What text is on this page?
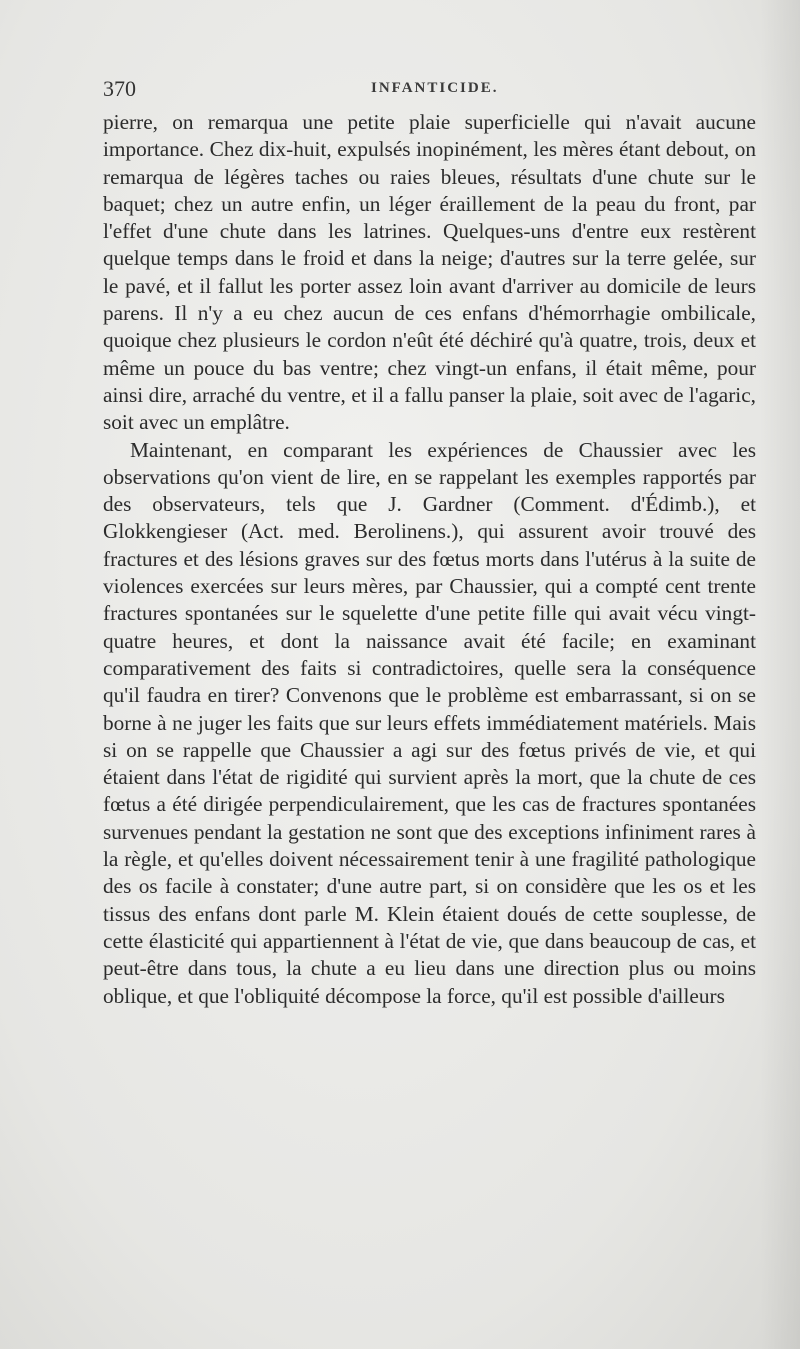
370	INFANTICIDE.

pierre, on remarqua une petite plaie superficielle qui n'avait aucune importance. Chez dix-huit, expulsés inopinément, les mères étant debout, on remarqua de légères taches ou raies bleues, résultats d'une chute sur le baquet; chez un autre enfin, un léger éraillement de la peau du front, par l'effet d'une chute dans les latrines. Quelques-uns d'entre eux restèrent quelque temps dans le froid et dans la neige; d'autres sur la terre gelée, sur le pavé, et il fallut les porter assez loin avant d'arriver au domicile de leurs parens. Il n'y a eu chez aucun de ces enfans d'hémorrhagie ombilicale, quoique chez plusieurs le cordon n'eût été déchiré qu'à quatre, trois, deux et même un pouce du bas ventre; chez vingt-un enfans, il était même, pour ainsi dire, arraché du ventre, et il a fallu panser la plaie, soit avec de l'agaric, soit avec un emplâtre.

Maintenant, en comparant les expériences de Chaussier avec les observations qu'on vient de lire, en se rappelant les exemples rapportés par des observateurs, tels que J. Gardner (Comment. d'Édimb.), et Glokkengieser (Act. med. Berolinens.), qui assurent avoir trouvé des fractures et des lésions graves sur des fœtus morts dans l'utérus à la suite de violences exercées sur leurs mères, par Chaussier, qui a compté cent trente fractures spontanées sur le squelette d'une petite fille qui avait vécu vingt-quatre heures, et dont la naissance avait été facile; en examinant comparativement des faits si contradictoires, quelle sera la conséquence qu'il faudra en tirer? Convenons que le problème est embarrassant, si on se borne à ne juger les faits que sur leurs effets immédiatement matériels. Mais si on se rappelle que Chaussier a agi sur des fœtus privés de vie, et qui étaient dans l'état de rigidité qui survient après la mort, que la chute de ces fœtus a été dirigée perpendiculairement, que les cas de fractures spontanées survenues pendant la gestation ne sont que des exceptions infiniment rares à la règle, et qu'elles doivent nécessairement tenir à une fragilité pathologique des os facile à constater; d'une autre part, si on considère que les os et les tissus des enfans dont parle M. Klein étaient doués de cette souplesse, de cette élasticité qui appartiennent à l'état de vie, que dans beaucoup de cas, et peut-être dans tous, la chute a eu lieu dans une direction plus ou moins oblique, et que l'obliquité décompose la force, qu'il est possible d'ailleurs
